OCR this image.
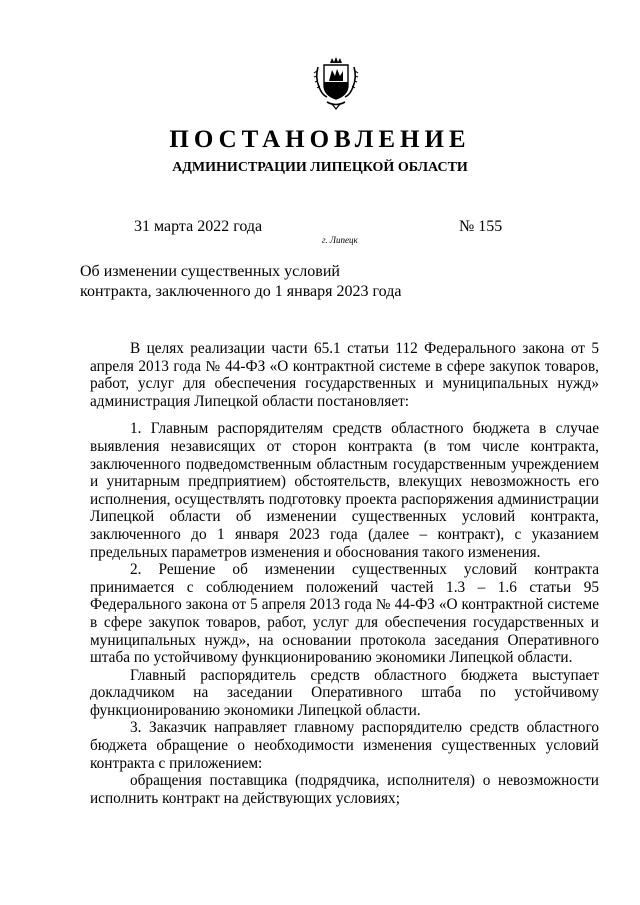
ПОСТАНОВЛЕНИЕ
АДМИНИСТРАЦИИ ЛИПЕЦКОЙ ОБЛАСТИ
31 марта 2022 года
г. Липецк
№ 155
Об изменении существенных условий
контракта, заключенного до 1 января 2023 года

В целях реализации части 65.1 статьи 112 Федерального закона от 5 апреля 2013 года № 44-ФЗ «О контрактной системе в сфере закупок товаров, работ, услуг для обеспечения государственных и муниципальных нужд» администрация Липецкой области постановляет:

1. Главным распорядителям средств областного бюджета в случае выявления независящих от сторон контракта (в том числе контракта, заключенного подведомственным областным государственным учреждением и унитарным предприятием) обстоятельств, влекущих невозможность его исполнения, осуществлять подготовку проекта распоряжения администрации Липецкой области об изменении существенных условий контракта, заключенного до 1 января 2023 года (далее – контракт), с указанием предельных параметров изменения и обоснования такого изменения.

2. Решение об изменении существенных условий контракта принимается с соблюдением положений частей 1.3 – 1.6 статьи 95 Федерального закона от 5 апреля 2013 года № 44-ФЗ «О контрактной системе в сфере закупок товаров, работ, услуг для обеспечения государственных и муниципальных нужд», на основании протокола заседания Оперативного штаба по устойчивому функционированию экономики Липецкой области.

Главный распорядитель средств областного бюджета выступает докладчиком на заседании Оперативного штаба по устойчивому функционированию экономики Липецкой области.

3. Заказчик направляет главному распорядителю средств областного бюджета обращение о необходимости изменения существенных условий контракта с приложением:

обращения поставщика (подрядчика, исполнителя) о невозможности исполнить контракт на действующих условиях;
